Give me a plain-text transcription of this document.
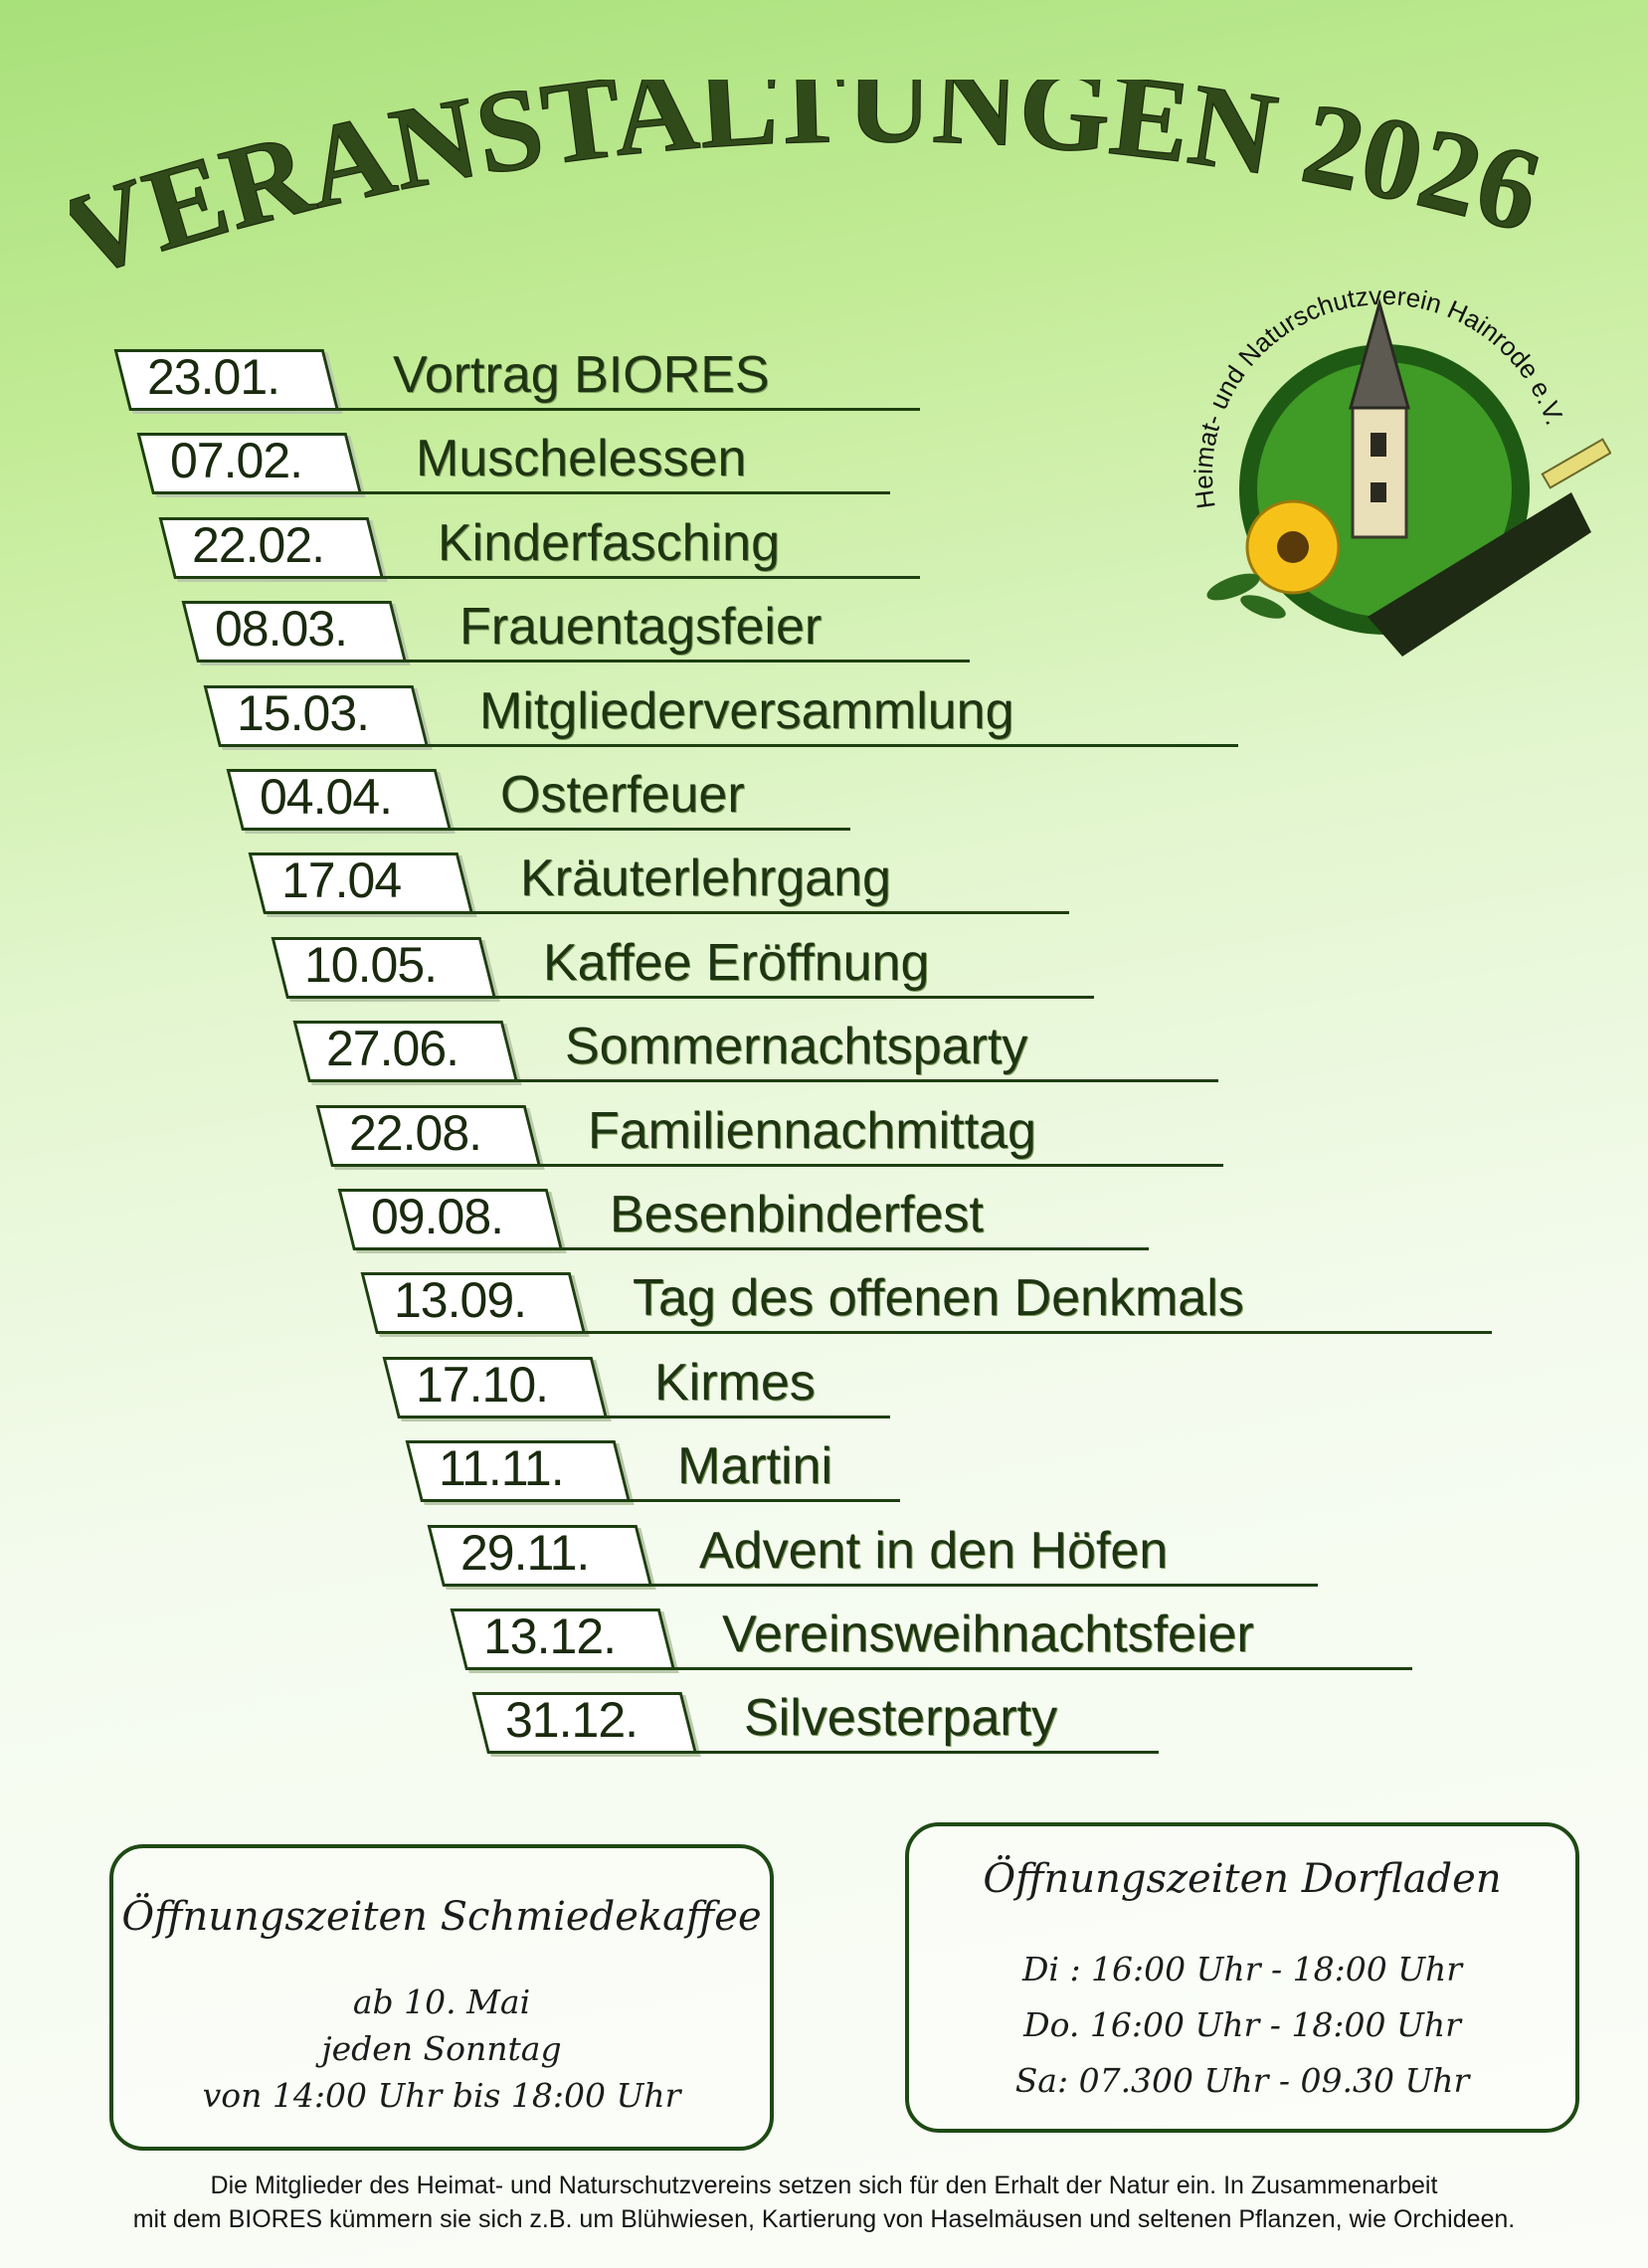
ERANSTALTUNGEN 2026
Heimat- und Naturschutzverein Hainrode e.V.
23.01. Vortrag BIORES
07.02. Muschelessen
22.02. Kinderfasching
08.03. Frauentagsfeier
15.03. Mitgliederversammlung
04.04. Osterfeuer
17.04 Kräuterlehrgang
10.05. Kaffee Eröffnung
27.06. Sommernachtsparty
22.08. Familiennachmittag
09.08. Besenbinderfest
13.09. Tag des offenen Denkmals
17.10. Kirmes
11.11. Martini
29.11. Advent in den Höfen
13.12. Vereinsweihnachtsfeier
31.12. Silvesterparty
Öffnungszeiten Schmiedekaffee
ab 10. Mai
jeden Sonntag
von 14:00 Uhr bis 18:00 Uhr
Öffnungszeiten Dorfladen
Di : 16:00 Uhr - 18:00 Uhr
Do. 16:00 Uhr - 18:00 Uhr
Sa: 07.300 Uhr - 09.30 Uhr
Die Mitglieder des Heimat- und Naturschutzvereins setzen sich für den Erhalt der Natur ein. In Zusammenarbeit
mit dem BIORES kümmern sie sich z.B. um Blühwiesen, Kartierung von Haselmäusen und seltenen Pflanzen, wie Orchideen.
